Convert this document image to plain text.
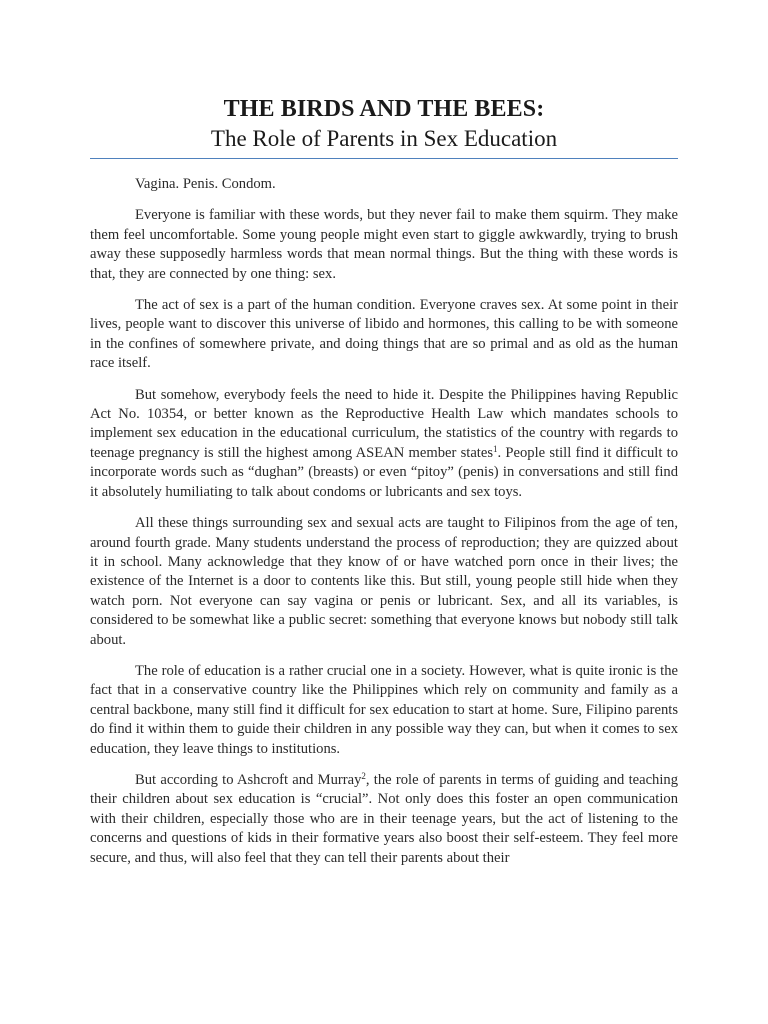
THE BIRDS AND THE BEES:
The Role of Parents in Sex Education

Vagina. Penis. Condom.

Everyone is familiar with these words, but they never fail to make them squirm. They make them feel uncomfortable. Some young people might even start to giggle awkwardly, trying to brush away these supposedly harmless words that mean normal things. But the thing with these words is that, they are connected by one thing: sex.

The act of sex is a part of the human condition. Everyone craves sex. At some point in their lives, people want to discover this universe of libido and hormones, this calling to be with someone in the confines of somewhere private, and doing things that are so primal and as old as the human race itself.

But somehow, everybody feels the need to hide it. Despite the Philippines having Republic Act No. 10354, or better known as the Reproductive Health Law which mandates schools to implement sex education in the educational curriculum, the statistics of the country with regards to teenage pregnancy is still the highest among ASEAN member states$^1$. People still find it difficult to incorporate words such as “dughan” (breasts) or even “pitoy” (penis) in conversations and still find it absolutely humiliating to talk about condoms or lubricants and sex toys.

All these things surrounding sex and sexual acts are taught to Filipinos from the age of ten, around fourth grade. Many students understand the process of reproduction; they are quizzed about it in school. Many acknowledge that they know of or have watched porn once in their lives; the existence of the Internet is a door to contents like this. But still, young people still hide when they watch porn. Not everyone can say vagina or penis or lubricant. Sex, and all its variables, is considered to be somewhat like a public secret: something that everyone knows but nobody still talk about.

The role of education is a rather crucial one in a society. However, what is quite ironic is the fact that in a conservative country like the Philippines which rely on community and family as a central backbone, many still find it difficult for sex education to start at home. Sure, Filipino parents do find it within them to guide their children in any possible way they can, but when it comes to sex education, they leave things to institutions.

But according to Ashcroft and Murray$^2$, the role of parents in terms of guiding and teaching their children about sex education is “crucial”. Not only does this foster an open communication with their children, especially those who are in their teenage years, but the act of listening to the concerns and questions of kids in their formative years also boost their self-esteem. They feel more secure, and thus, will also feel that they can tell their parents about their
